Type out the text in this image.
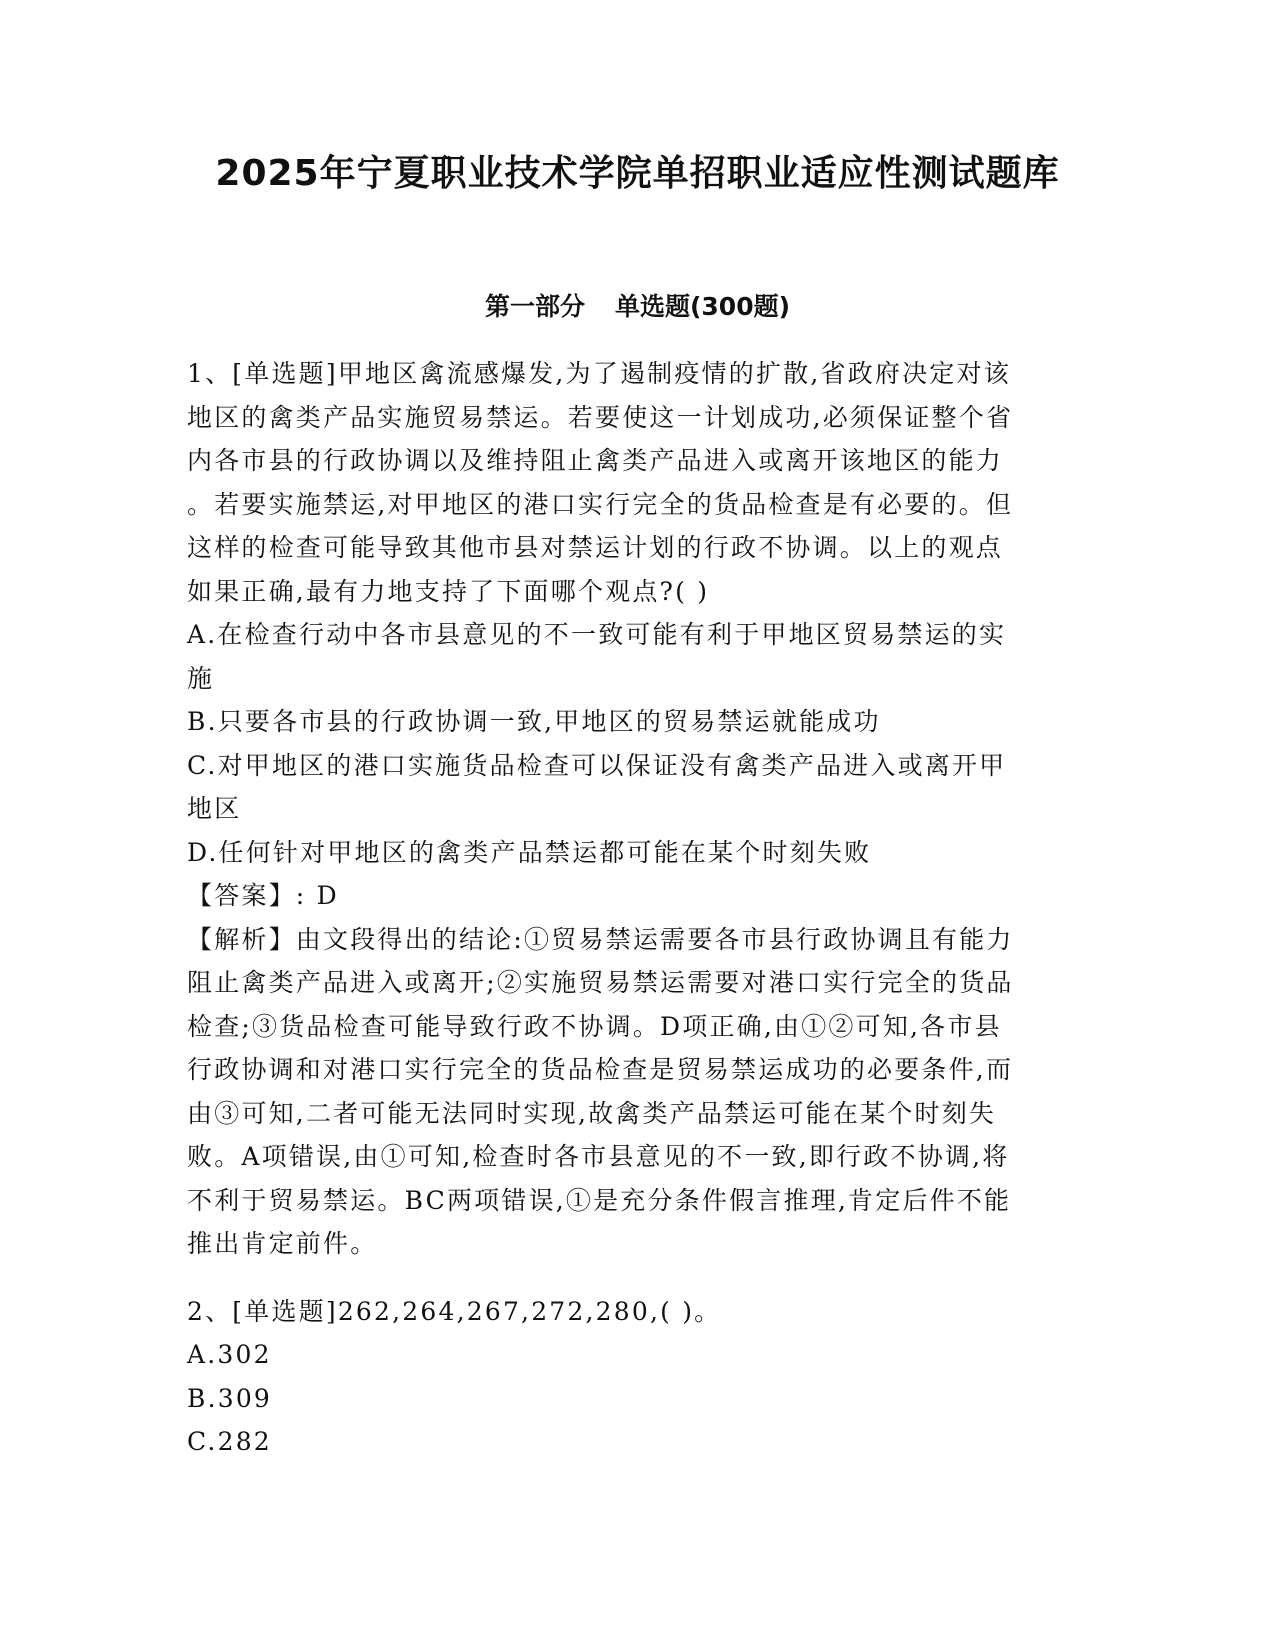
2025年宁夏职业技术学院单招职业适应性测试题库
第一部分 单选题(300题)
1、[单选题]甲地区禽流感爆发,为了遏制疫情的扩散,省政府决定对该
地区的禽类产品实施贸易禁运。若要使这一计划成功,必须保证整个省
内各市县的行政协调以及维持阻止禽类产品进入或离开该地区的能力
。若要实施禁运,对甲地区的港口实行完全的货品检查是有必要的。但
这样的检查可能导致其他市县对禁运计划的行政不协调。以上的观点
如果正确,最有力地支持了下面哪个观点?( )
A.在检查行动中各市县意见的不一致可能有利于甲地区贸易禁运的实
施
B.只要各市县的行政协调一致,甲地区的贸易禁运就能成功
C.对甲地区的港口实施货品检查可以保证没有禽类产品进入或离开甲
地区
D.任何针对甲地区的禽类产品禁运都可能在某个时刻失败
【答案】: D
【解析】由文段得出的结论:①贸易禁运需要各市县行政协调且有能力
阻止禽类产品进入或离开;②实施贸易禁运需要对港口实行完全的货品
检查;③货品检查可能导致行政不协调。D项正确,由①②可知,各市县
行政协调和对港口实行完全的货品检查是贸易禁运成功的必要条件,而
由③可知,二者可能无法同时实现,故禽类产品禁运可能在某个时刻失
败。A项错误,由①可知,检查时各市县意见的不一致,即行政不协调,将
不利于贸易禁运。BC两项错误,①是充分条件假言推理,肯定后件不能
推出肯定前件。
2、[单选题]262,264,267,272,280,( )。
A.302
B.309
C.282
